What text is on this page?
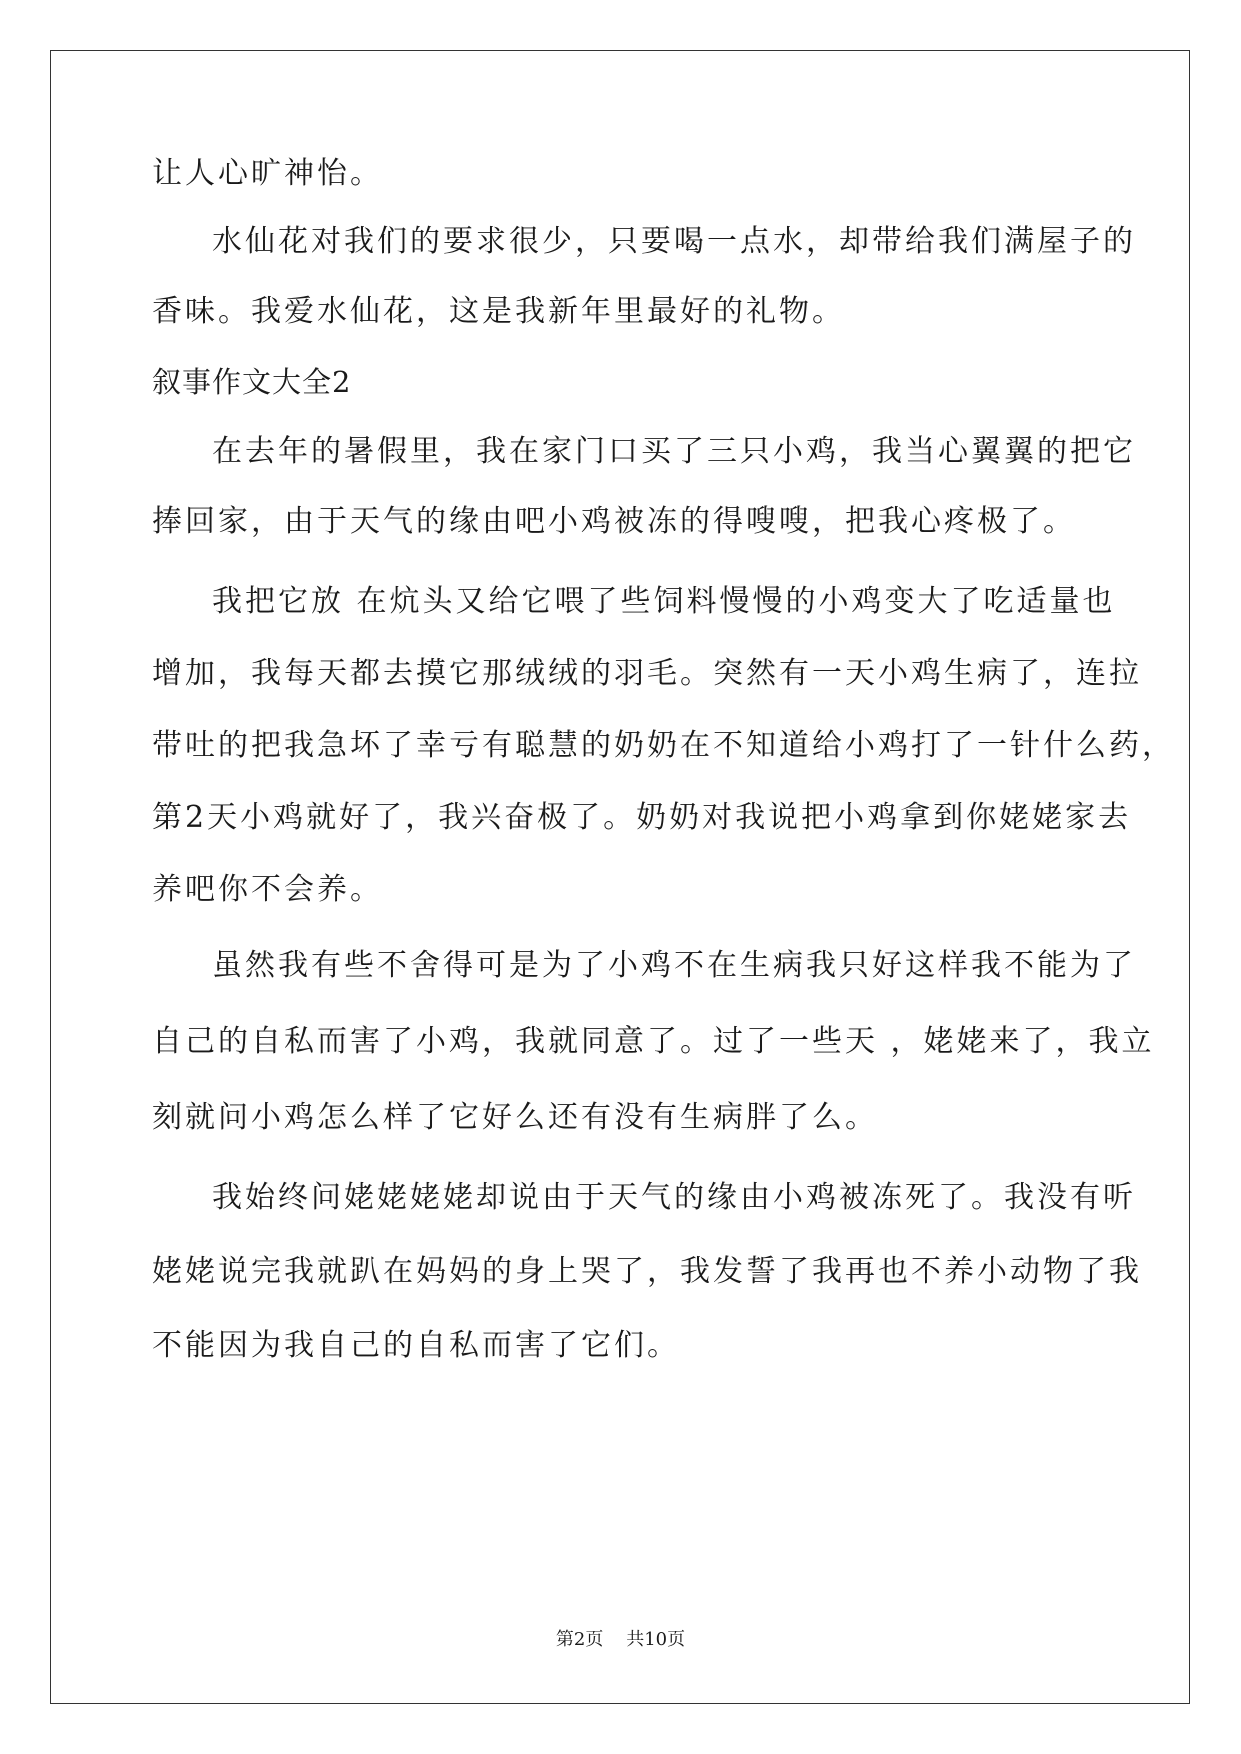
让人心旷神怡。
水仙花对我们的要求很少，只要喝一点水，却带给我们满屋子的
香味。我爱水仙花，这是我新年里最好的礼物。
叙事作文大全2
在去年的暑假里，我在家门口买了三只小鸡，我当心翼翼的把它
捧回家，由于天气的缘由吧小鸡被冻的得嗖嗖，把我心疼极了。
我把它放 在炕头又给它喂了些饲料慢慢的小鸡变大了吃适量也
增加，我每天都去摸它那绒绒的羽毛。突然有一天小鸡生病了，连拉
带吐的把我急坏了幸亏有聪慧的奶奶在不知道给小鸡打了一针什么药，
第2天小鸡就好了，我兴奋极了。奶奶对我说把小鸡拿到你姥姥家去
养吧你不会养。
虽然我有些不舍得可是为了小鸡不在生病我只好这样我不能为了
自己的自私而害了小鸡，我就同意了。过了一些天 ，姥姥来了，我立
刻就问小鸡怎么样了它好么还有没有生病胖了么。
我始终问姥姥姥姥却说由于天气的缘由小鸡被冻死了。我没有听
姥姥说完我就趴在妈妈的身上哭了，我发誓了我再也不养小动物了我
不能因为我自己的自私而害了它们。
第2页 共10页
